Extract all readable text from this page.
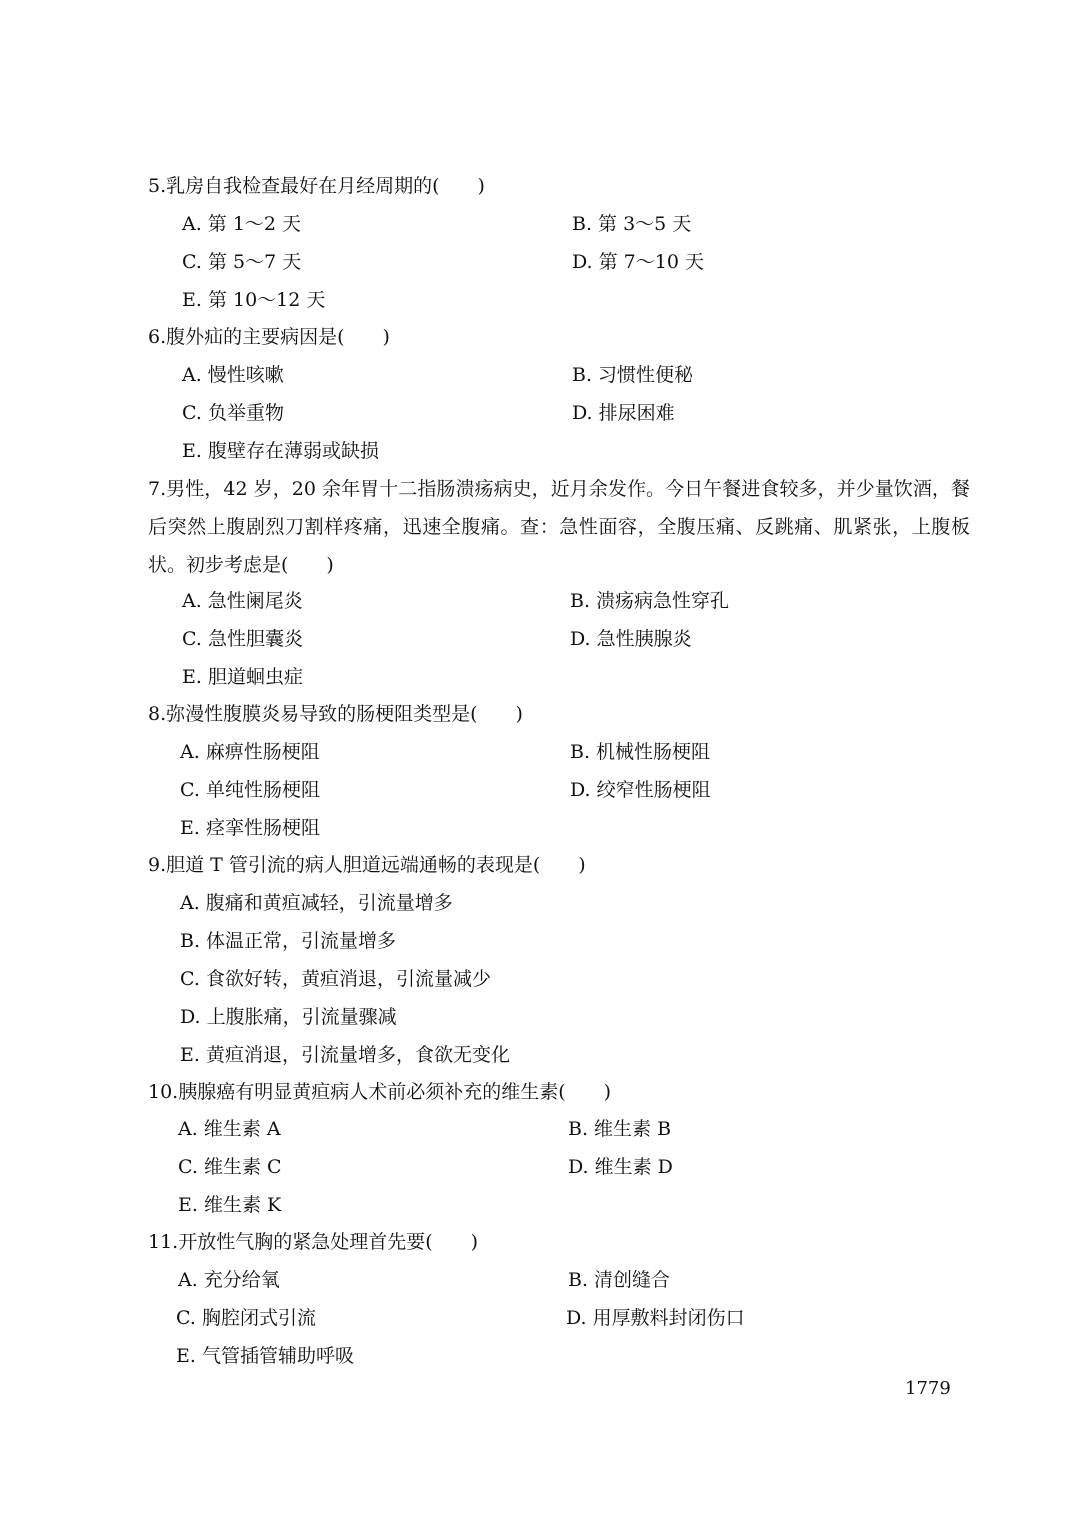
5.乳房自我检查最好在月经周期的(　　)
A. 第 1～2 天	B. 第 3～5 天
C. 第 5～7 天	D. 第 7～10 天
E. 第 10～12 天
6.腹外疝的主要病因是(　　)
A. 慢性咳嗽	B. 习惯性便秘
C. 负举重物	D. 排尿困难
E. 腹壁存在薄弱或缺损
7.男性，42 岁，20 余年胃十二指肠溃疡病史，近月余发作。今日午餐进食较多，并少量饮酒，餐后突然上腹剧烈刀割样疼痛，迅速全腹痛。查：急性面容，全腹压痛、反跳痛、肌紧张，上腹板状。初步考虑是(　　)
A. 急性阑尾炎	B. 溃疡病急性穿孔
C. 急性胆囊炎	D. 急性胰腺炎
E. 胆道蛔虫症
8.弥漫性腹膜炎易导致的肠梗阻类型是(　　)
A. 麻痹性肠梗阻	B. 机械性肠梗阻
C. 单纯性肠梗阻	D. 绞窄性肠梗阻
E. 痉挛性肠梗阻
9.胆道 T 管引流的病人胆道远端通畅的表现是(　　)
A. 腹痛和黄疸减轻，引流量增多
B. 体温正常，引流量增多
C. 食欲好转，黄疸消退，引流量减少
D. 上腹胀痛，引流量骤减
E. 黄疸消退，引流量增多，食欲无变化
10.胰腺癌有明显黄疸病人术前必须补充的维生素(　　)
A. 维生素 A	B. 维生素 B
C. 维生素 C	D. 维生素 D
E. 维生素 K
11.开放性气胸的紧急处理首先要(　　)
A. 充分给氧	B. 清创缝合
C. 胸腔闭式引流	D. 用厚敷料封闭伤口
E. 气管插管辅助呼吸
1779
